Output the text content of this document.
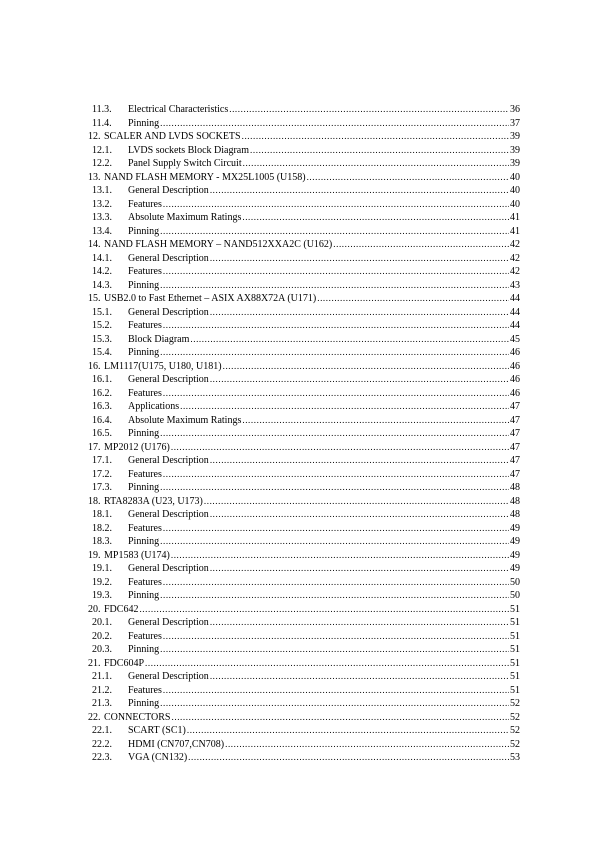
11.3. Electrical Characteristics .....	36
11.4. Pinning .....	37
12. SCALER AND LVDS SOCKETS .....	39
12.1. LVDS sockets Block Diagram .....	39
12.2. Panel Supply Switch Circuit .....	39
13. NAND FLASH MEMORY - MX25L1005 (U158) .....	40
13.1. General Description .....	40
13.2. Features .....	40
13.3. Absolute Maximum Ratings .....	41
13.4. Pinning .....	41
14. NAND FLASH MEMORY – NAND512XXA2C (U162) .....	42
14.1. General Description .....	42
14.2. Features .....	42
14.3. Pinning .....	43
15. USB2.0 to Fast Ethernet – ASIX AX88X72A (U171) .....	44
15.1. General Description .....	44
15.2. Features .....	44
15.3. Block Diagram .....	45
15.4. Pinning .....	46
16. LM1117(U175, U180, U181) .....	46
16.1. General Description .....	46
16.2. Features .....	46
16.3. Applications .....	47
16.4. Absolute Maximum Ratings .....	47
16.5. Pinning .....	47
17. MP2012 (U176) .....	47
17.1. General Description .....	47
17.2. Features .....	47
17.3. Pinning .....	48
18. RTA8283A (U23, U173) .....	48
18.1. General Description .....	48
18.2. Features .....	49
18.3. Pinning .....	49
19. MP1583 (U174) .....	49
19.1. General Description .....	49
19.2. Features .....	50
19.3. Pinning .....	50
20. FDC642 .....	51
20.1. General Description .....	51
20.2. Features .....	51
20.3. Pinning .....	51
21. FDC604P .....	51
21.1. General Description .....	51
21.2. Features .....	51
21.3. Pinning .....	52
22. CONNECTORS .....	52
22.1. SCART (SC1) .....	52
22.2. HDMI (CN707,CN708) .....	52
22.3. VGA (CN132) .....	53
